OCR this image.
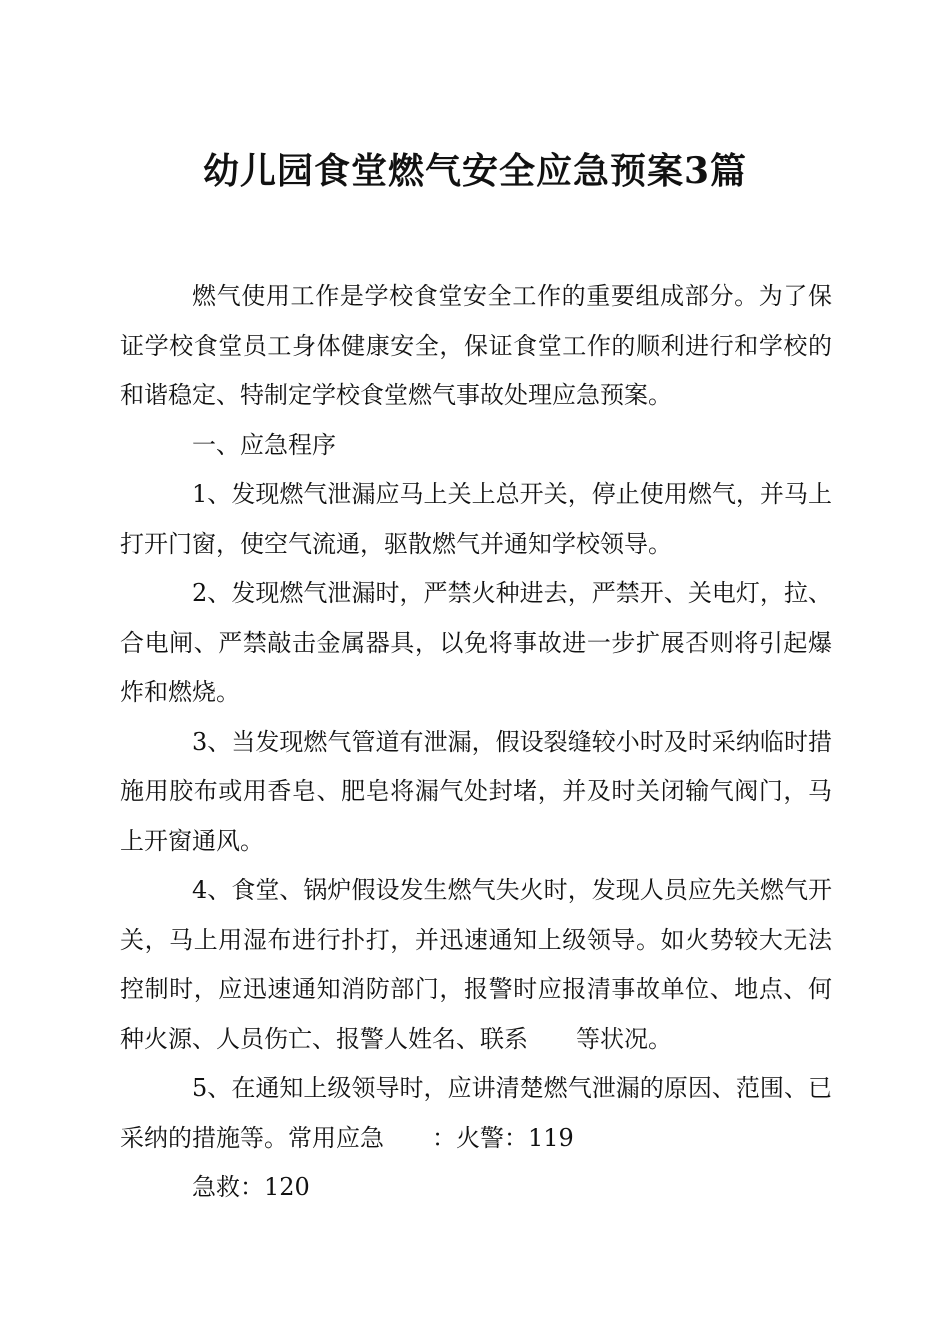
幼儿园食堂燃气安全应急预案3篇

燃气使用工作是学校食堂安全工作的重要组成部分。为了保证学校食堂员工身体健康安全，保证食堂工作的顺利进行和学校的和谐稳定、特制定学校食堂燃气事故处理应急预案。

一、应急程序

1、发现燃气泄漏应马上关上总开关，停止使用燃气，并马上打开门窗，使空气流通，驱散燃气并通知学校领导。

2、发现燃气泄漏时，严禁火种进去，严禁开、关电灯，拉、合电闸、严禁敲击金属器具，以免将事故进一步扩展否则将引起爆炸和燃烧。

3、当发现燃气管道有泄漏，假设裂缝较小时及时采纳临时措施用胶布或用香皂、肥皂将漏气处封堵，并及时关闭输气阀门，马上开窗通风。

4、食堂、锅炉假设发生燃气失火时，发现人员应先关燃气开关，马上用湿布进行扑打，并迅速通知上级领导。如火势较大无法控制时，应迅速通知消防部门，报警时应报清事故单位、地点、何种火源、人员伤亡、报警人姓名、联系　　等状况。

5、在通知上级领导时，应讲清楚燃气泄漏的原因、范围、已采纳的措施等。常用应急　　：火警：119

急救：120
